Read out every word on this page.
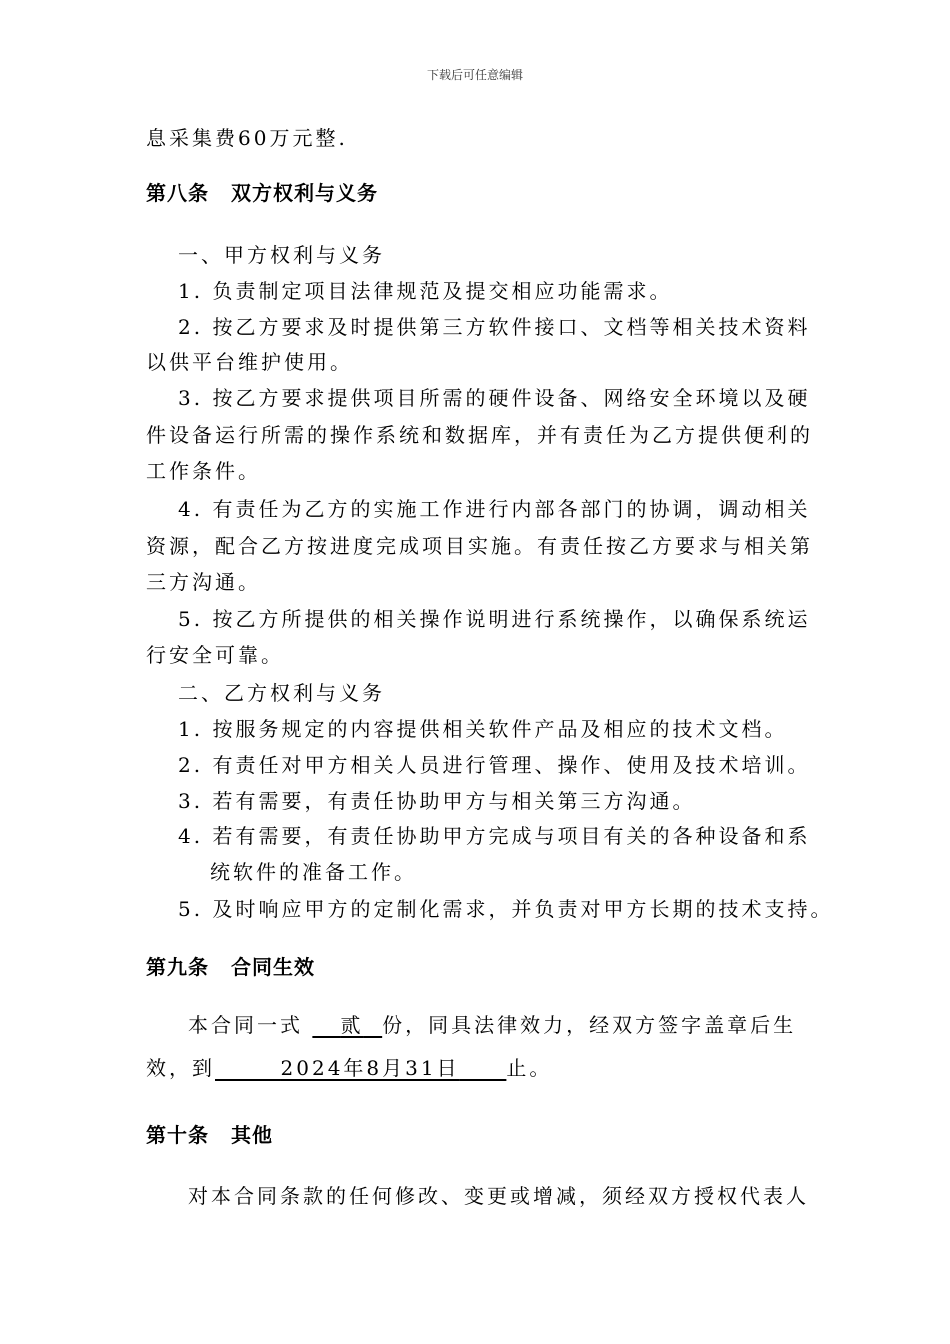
下载后可任意编辑
息采集费60万元整.
第八条 双方权利与义务
一、甲方权利与义务
1. 负责制定项目法律规范及提交相应功能需求。
2. 按乙方要求及时提供第三方软件接口、文档等相关技术资料
以供平台维护使用。
3. 按乙方要求提供项目所需的硬件设备、网络安全环境以及硬
件设备运行所需的操作系统和数据库，并有责任为乙方提供便利的
工作条件。
4. 有责任为乙方的实施工作进行内部各部门的协调，调动相关
资源，配合乙方按进度完成项目实施。有责任按乙方要求与相关第
三方沟通。
5. 按乙方所提供的相关操作说明进行系统操作，以确保系统运
行安全可靠。
二、乙方权利与义务
1. 按服务规定的内容提供相关软件产品及相应的技术文档。
2. 有责任对甲方相关人员进行管理、操作、使用及技术培训。
3. 若有需要，有责任协助甲方与相关第三方沟通。
4. 若有需要，有责任协助甲方完成与项目有关的各种设备和系
统软件的准备工作。
5. 及时响应甲方的定制化需求，并负责对甲方长期的技术支持。
第九条 合同生效
本合同一式 贰 份，同具法律效力，经双方签字盖章后生
效，到	2024年8月31日 止。
第十条 其他
对本合同条款的任何修改、变更或增减，须经双方授权代表人
